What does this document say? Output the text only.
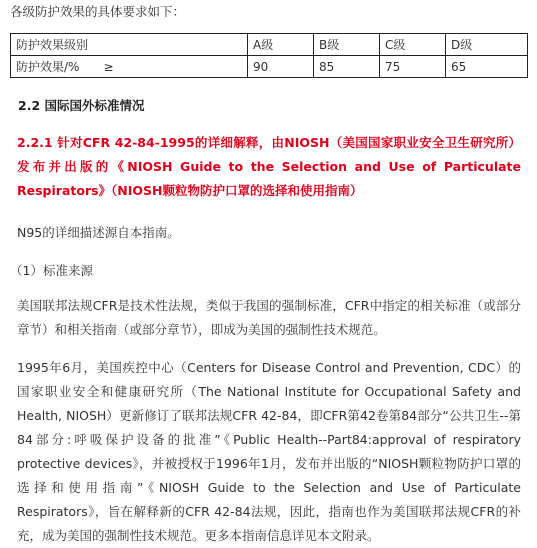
各级防护效果的具体要求如下：
防护效果级别	A级	B级	C级	D级
防护效果/%　　≥	90	85	75	65
2.2 国际国外标准情况
2.2.1 针对CFR 42-84-1995的详细解释，由NIOSH（美国国家职业安全卫生研究所）发布并出版的《NIOSH Guide to the Selection and Use of Particulate Respirators》（NIOSH颗粒物防护口罩的选择和使用指南）
N95的详细描述源自本指南。
（1）标准来源
美国联邦法规CFR是技术性法规，类似于我国的强制标准，CFR中指定的相关标准（或部分章节）和相关指南（或部分章节），即成为美国的强制性技术规范。
1995年6月，美国疾控中心（Centers for Disease Control and Prevention, CDC）的国家职业安全和健康研究所（The National Institute for Occupational Safety and Health, NIOSH）更新修订了联邦法规CFR 42-84，即CFR第42卷第84部分“公共卫生--第84部分:呼吸保护设备的批准”《Public Health--Part84:approval of respiratory protective devices》，并被授权于1996年1月，发布并出版的“NIOSH颗粒物防护口罩的选择和使用指南”《NIOSH Guide to the Selection and Use of Particulate Respirators》，旨在解释新的CFR 42-84法规，因此，指南也作为美国联邦法规CFR的补充，成为美国的强制性技术规范。更多本指南信息详见本文附录。
